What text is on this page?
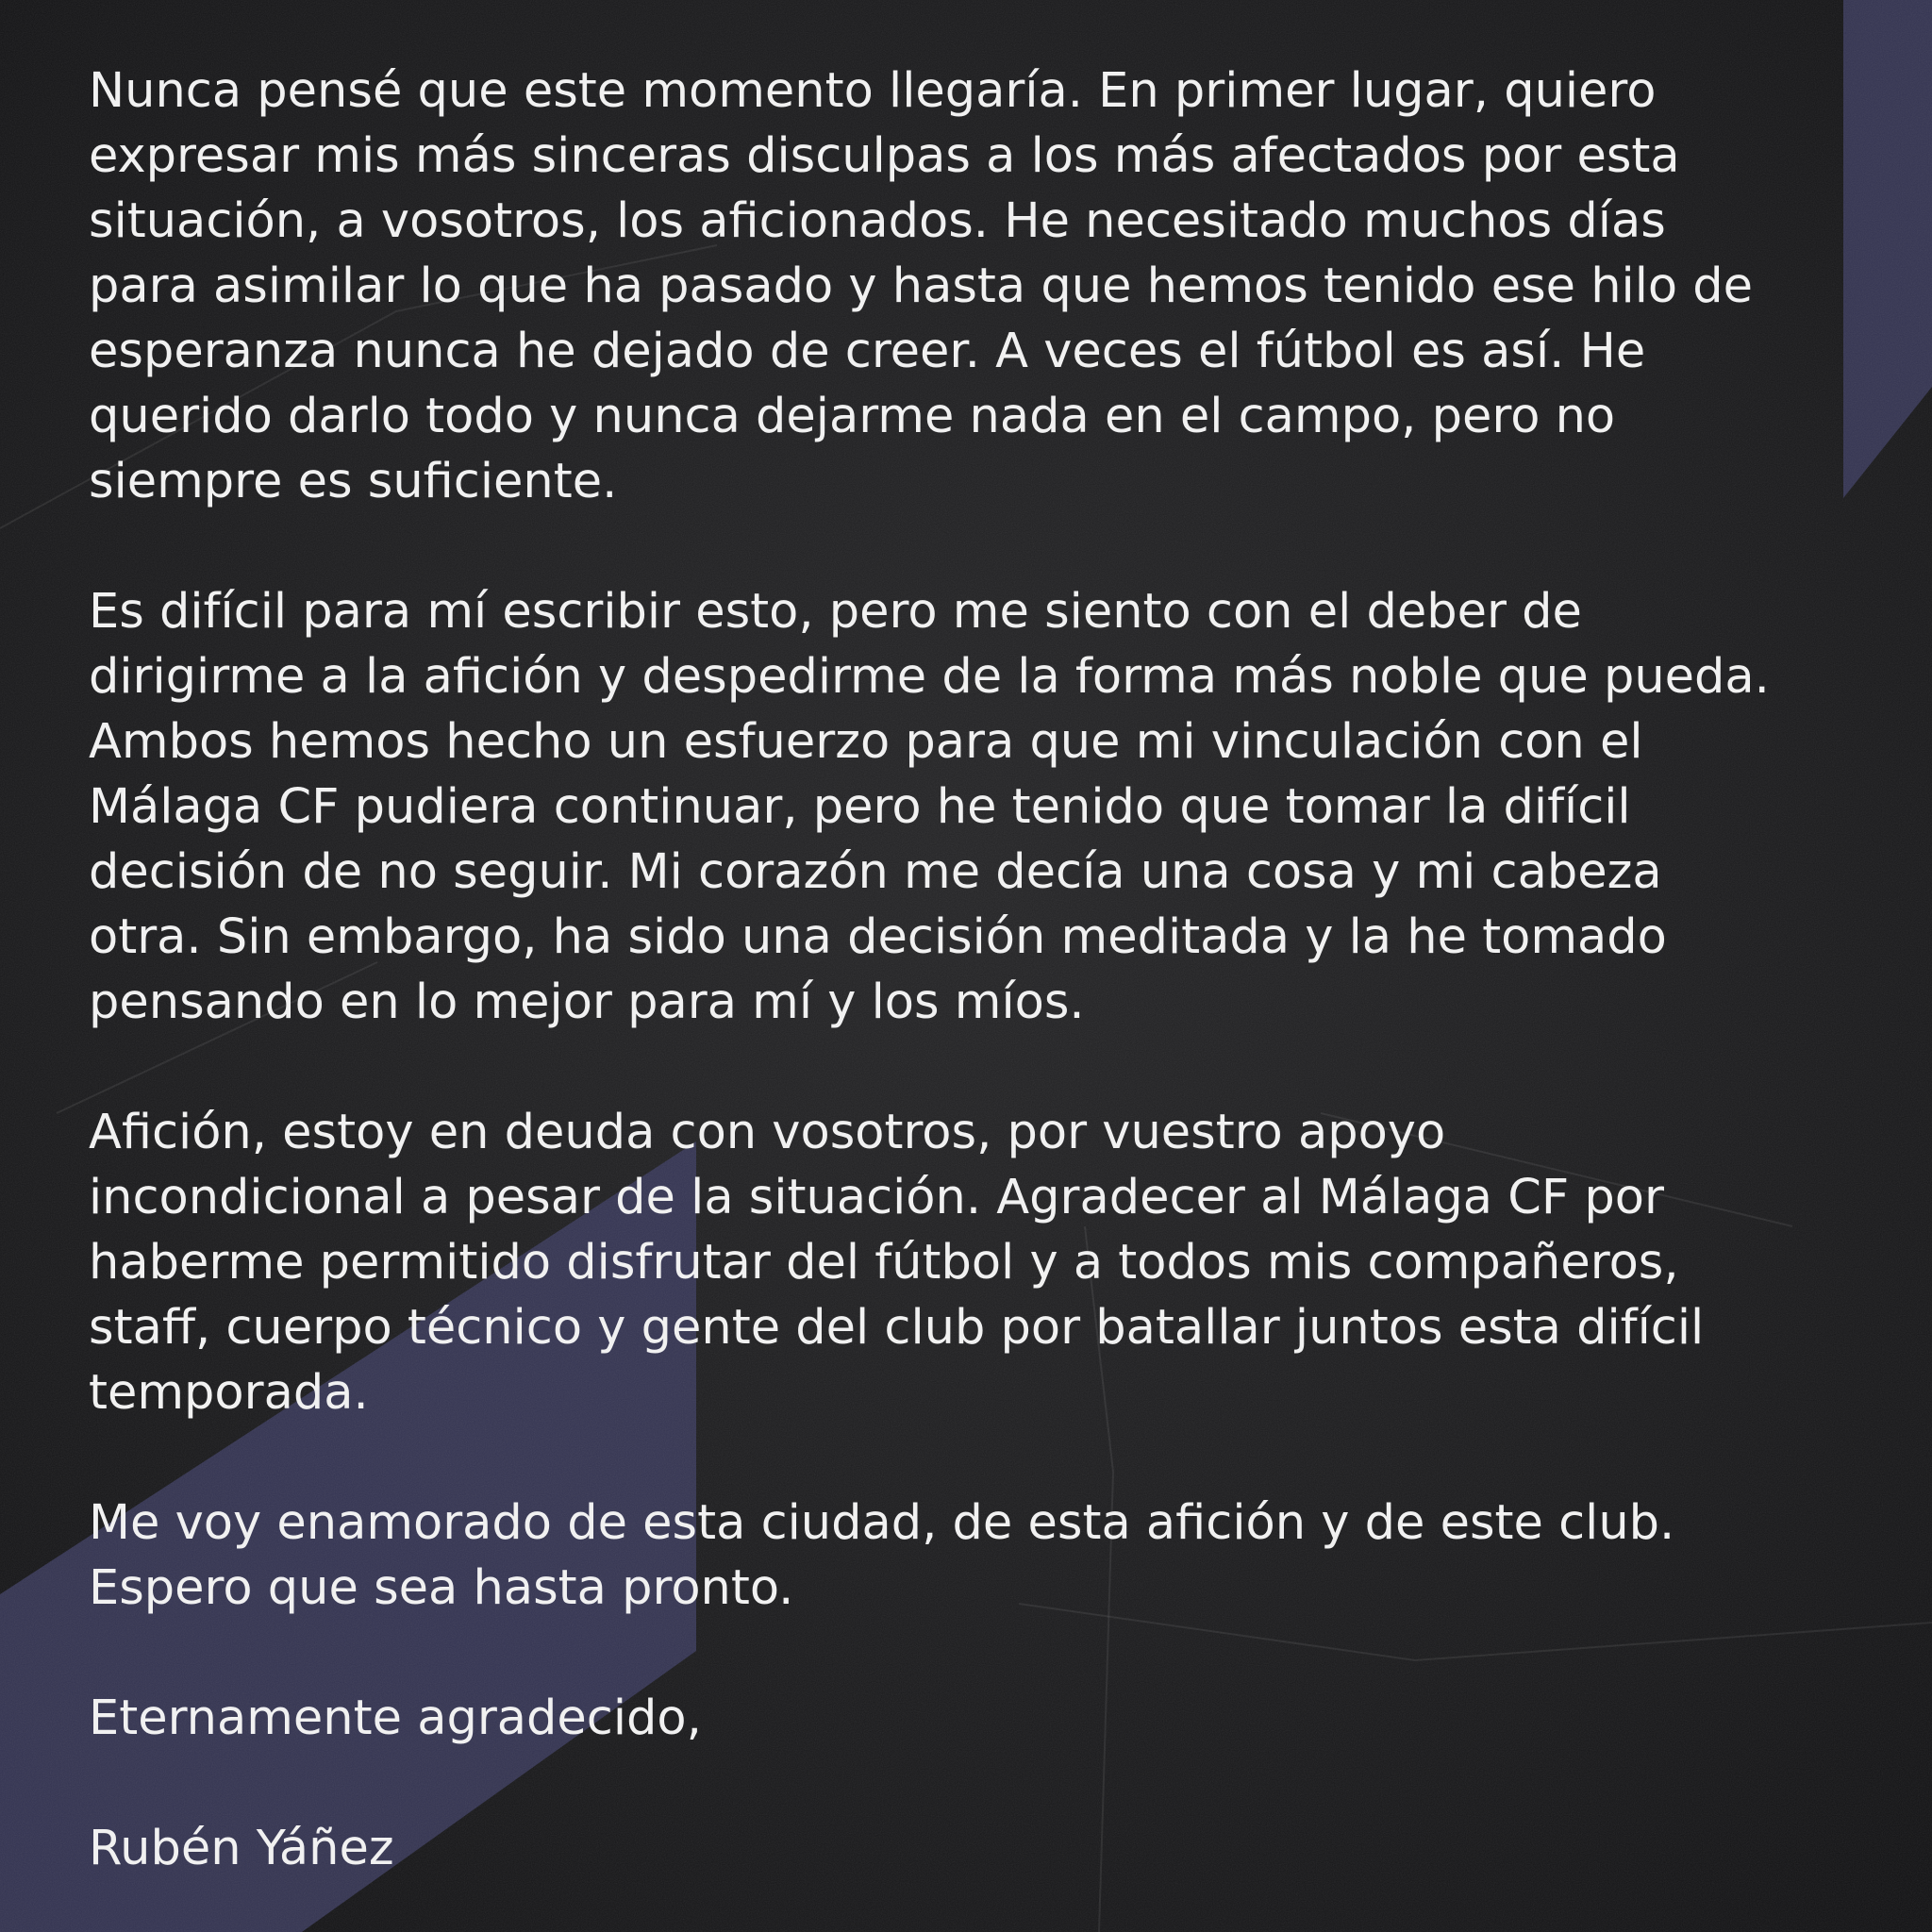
Nunca pensé que este momento llegaría. En primer lugar, quiero
expresar mis más sinceras disculpas a los más afectados por esta
situación, a vosotros, los aficionados. He necesitado muchos días
para asimilar lo que ha pasado y hasta que hemos tenido ese hilo de
esperanza nunca he dejado de creer. A veces el fútbol es así. He
querido darlo todo y nunca dejarme nada en el campo, pero no
siempre es suficiente.

Es difícil para mí escribir esto, pero me siento con el deber de
dirigirme a la afición y despedirme de la forma más noble que pueda.
Ambos hemos hecho un esfuerzo para que mi vinculación con el
Málaga CF pudiera continuar, pero he tenido que tomar la difícil
decisión de no seguir. Mi corazón me decía una cosa y mi cabeza
otra. Sin embargo, ha sido una decisión meditada y la he tomado
pensando en lo mejor para mí y los míos.

Afición, estoy en deuda con vosotros, por vuestro apoyo
incondicional a pesar de la situación. Agradecer al Málaga CF por
haberme permitido disfrutar del fútbol y a todos mis compañeros,
staff, cuerpo técnico y gente del club por batallar juntos esta difícil
temporada.

Me voy enamorado de esta ciudad, de esta afición y de este club.
Espero que sea hasta pronto.

Eternamente agradecido,

Rubén Yáñez
